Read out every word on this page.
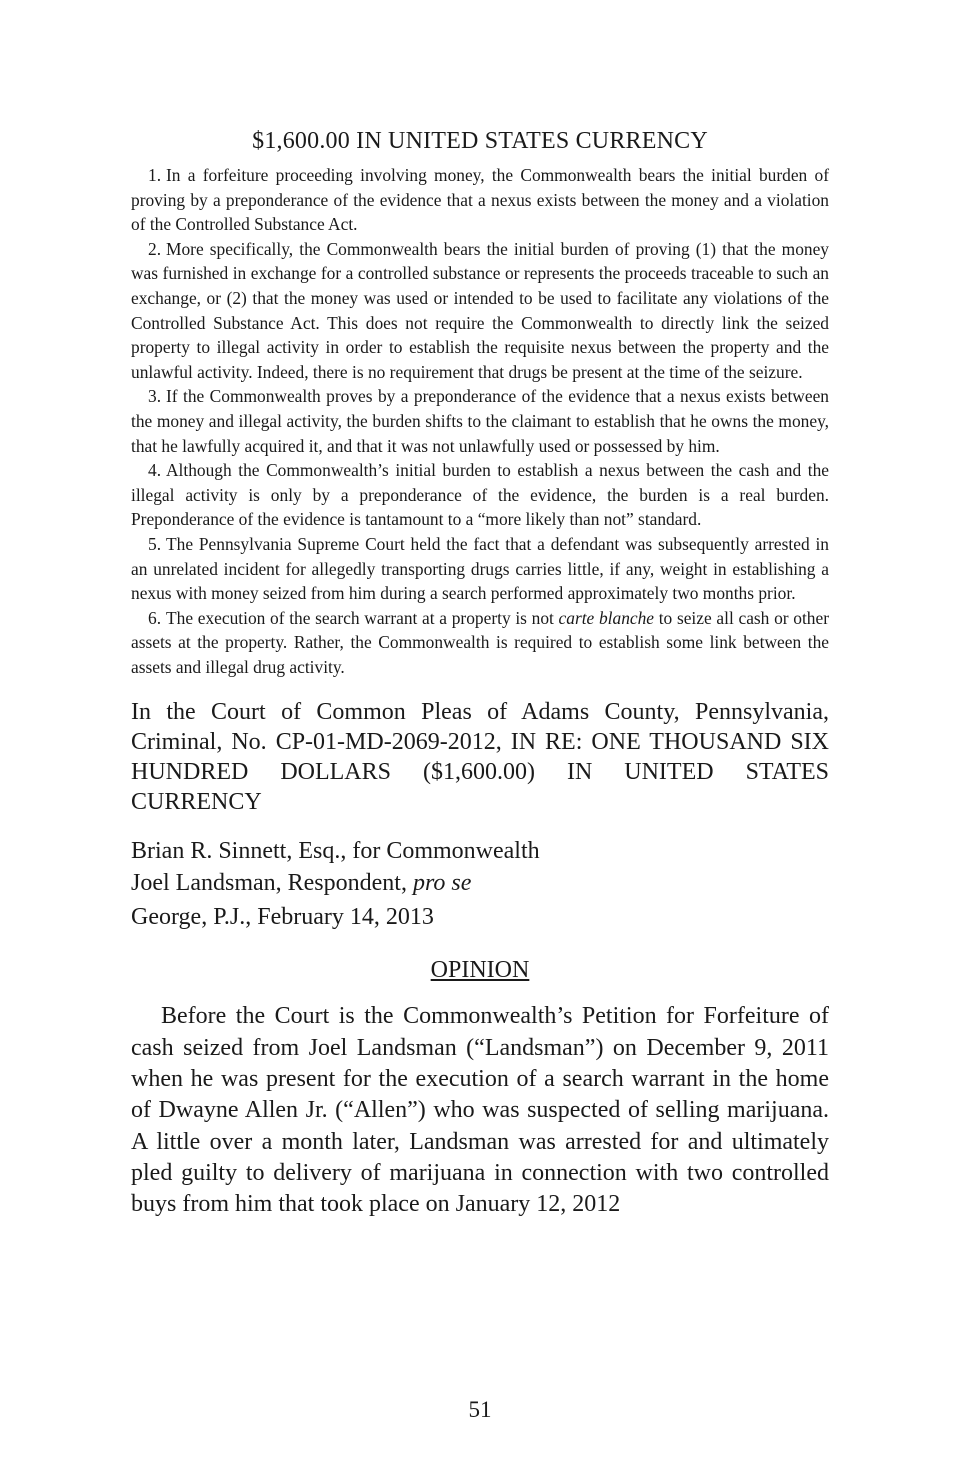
$1,600.00 IN UNITED STATES CURRENCY

1. In a forfeiture proceeding involving money, the Commonwealth bears the initial burden of proving by a preponderance of the evidence that a nexus exists between the money and a violation of the Controlled Substance Act.

2. More specifically, the Commonwealth bears the initial burden of proving (1) that the money was furnished in exchange for a controlled substance or represents the proceeds traceable to such an exchange, or (2) that the money was used or intended to be used to facilitate any violations of the Controlled Substance Act. This does not require the Commonwealth to directly link the seized property to illegal activity in order to establish the requisite nexus between the property and the unlawful activity. Indeed, there is no requirement that drugs be present at the time of the seizure.

3. If the Commonwealth proves by a preponderance of the evidence that a nexus exists between the money and illegal activity, the burden shifts to the claimant to establish that he owns the money, that he lawfully acquired it, and that it was not unlawfully used or possessed by him.

4. Although the Commonwealth’s initial burden to establish a nexus between the cash and the illegal activity is only by a preponderance of the evidence, the burden is a real burden. Preponderance of the evidence is tantamount to a “more likely than not” standard.

5. The Pennsylvania Supreme Court held the fact that a defendant was subsequently arrested in an unrelated incident for allegedly transporting drugs carries little, if any, weight in establishing a nexus with money seized from him during a search performed approximately two months prior.

6. The execution of the search warrant at a property is not carte blanche to seize all cash or other assets at the property. Rather, the Commonwealth is required to establish some link between the assets and illegal drug activity.

In the Court of Common Pleas of Adams County, Pennsylvania, Criminal, No. CP-01-MD-2069-2012, IN RE: ONE THOUSAND SIX HUNDRED DOLLARS ($1,600.00) IN UNITED STATES CURRENCY

Brian R. Sinnett, Esq., for Commonwealth
Joel Landsman, Respondent, pro se
George, P.J., February 14, 2013
OPINION

Before the Court is the Commonwealth’s Petition for Forfeiture of cash seized from Joel Landsman (“Landsman”) on December 9, 2011 when he was present for the execution of a search warrant in the home of Dwayne Allen Jr. (“Allen”) who was suspected of selling marijuana. A little over a month later, Landsman was arrested for and ultimately pled guilty to delivery of marijuana in connection with two controlled buys from him that took place on January 12, 2012

51
